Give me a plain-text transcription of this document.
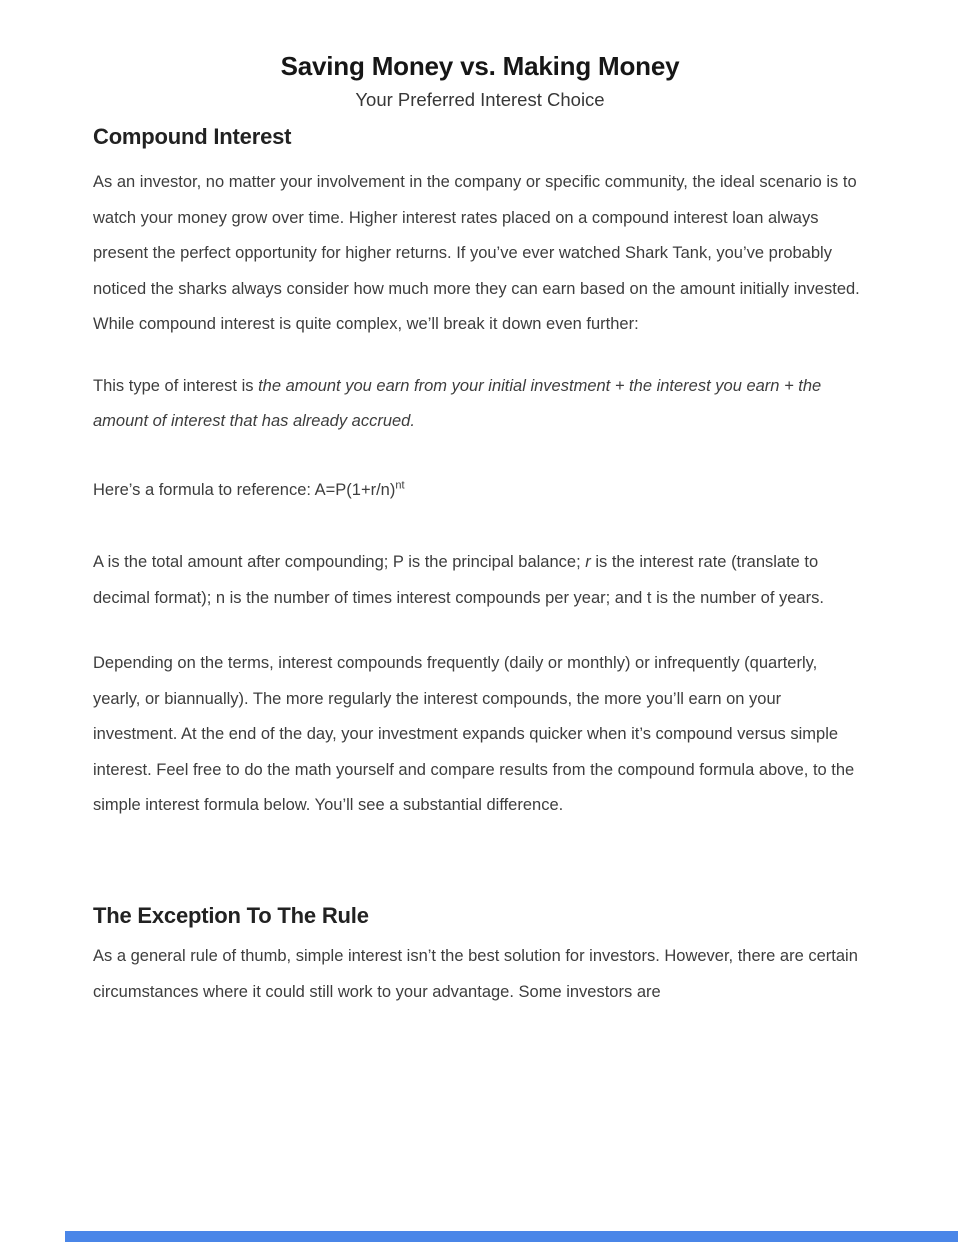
Saving Money vs. Making Money
Your Preferred Interest Choice
Compound Interest

As an investor, no matter your involvement in the company or specific community, the ideal scenario is to watch your money grow over time. Higher interest rates placed on a compound interest loan always present the perfect opportunity for higher returns. If you’ve ever watched Shark Tank, you’ve probably noticed the sharks always consider how much more they can earn based on the amount initially invested. While compound interest is quite complex, we’ll break it down even further:

This type of interest is the amount you earn from your initial investment + the interest you earn + the amount of interest that has already accrued.

Here’s a formula to reference: $A=P(1+r/n)^{nt}$

A is the total amount after compounding; P is the principal balance; r is the interest rate (translate to decimal format); n is the number of times interest compounds per year; and t is the number of years.

Depending on the terms, interest compounds frequently (daily or monthly) or infrequently (quarterly, yearly, or biannually). The more regularly the interest compounds, the more you’ll earn on your investment. At the end of the day, your investment expands quicker when it’s compound versus simple interest. Feel free to do the math yourself and compare results from the compound formula above, to the simple interest formula below. You’ll see a substantial difference.

The Exception To The Rule

As a general rule of thumb, simple interest isn’t the best solution for investors. However, there are certain circumstances where it could still work to your advantage. Some investors are
